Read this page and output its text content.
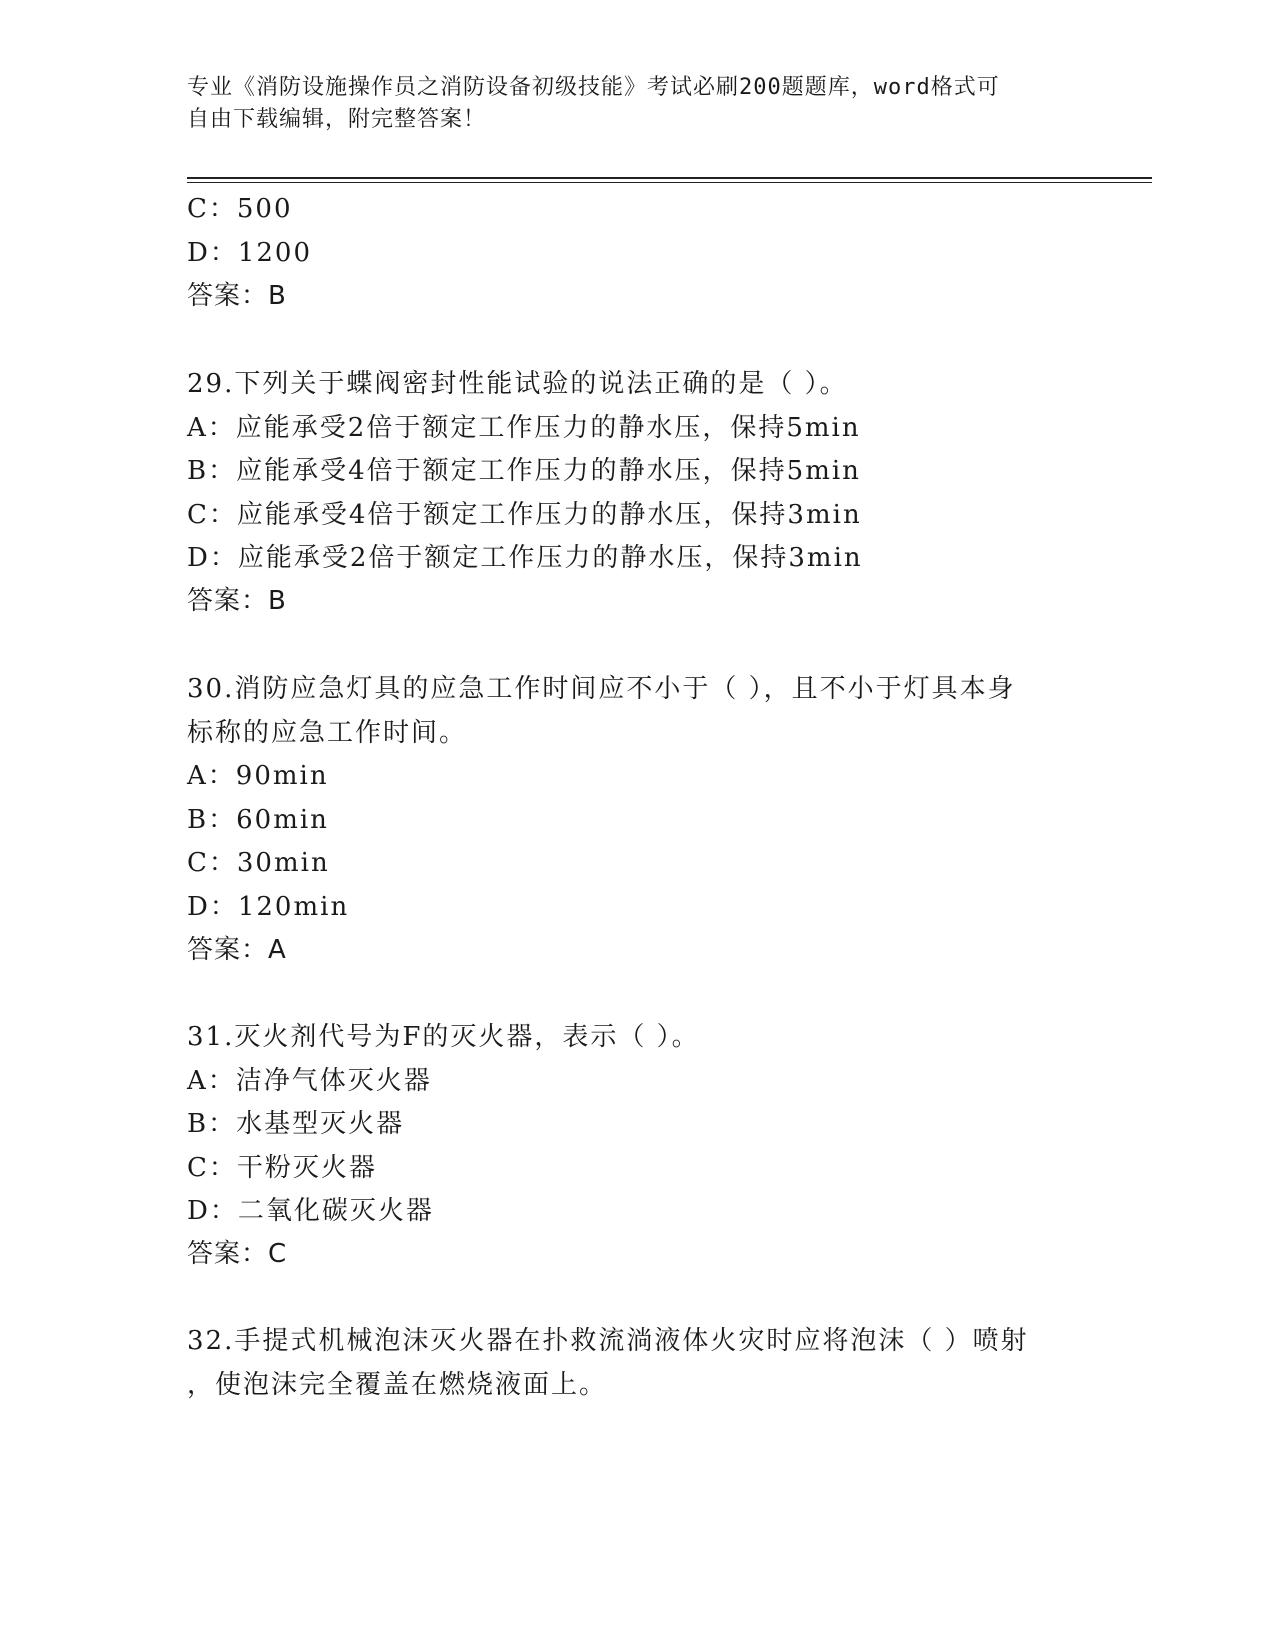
专业《消防设施操作员之消防设备初级技能》考试必刷200题题库，word格式可
自由下载编辑，附完整答案！
C：500
D：1200
答案：B
29.下列关于蝶阀密封性能试验的说法正确的是（ ）。
A：应能承受2倍于额定工作压力的静水压，保持5min
B：应能承受4倍于额定工作压力的静水压，保持5min
C：应能承受4倍于额定工作压力的静水压，保持3min
D：应能承受2倍于额定工作压力的静水压，保持3min
答案：B
30.消防应急灯具的应急工作时间应不小于（ ），且不小于灯具本身
标称的应急工作时间。
A：90min
B：60min
C：30min
D：120min
答案：A
31.灭火剂代号为F的灭火器，表示（ ）。
A：洁净气体灭火器
B：水基型灭火器
C：干粉灭火器
D：二氧化碳灭火器
答案：C
32.手提式机械泡沫灭火器在扑救流淌液体火灾时应将泡沫（ ）喷射
，使泡沫完全覆盖在燃烧液面上。
